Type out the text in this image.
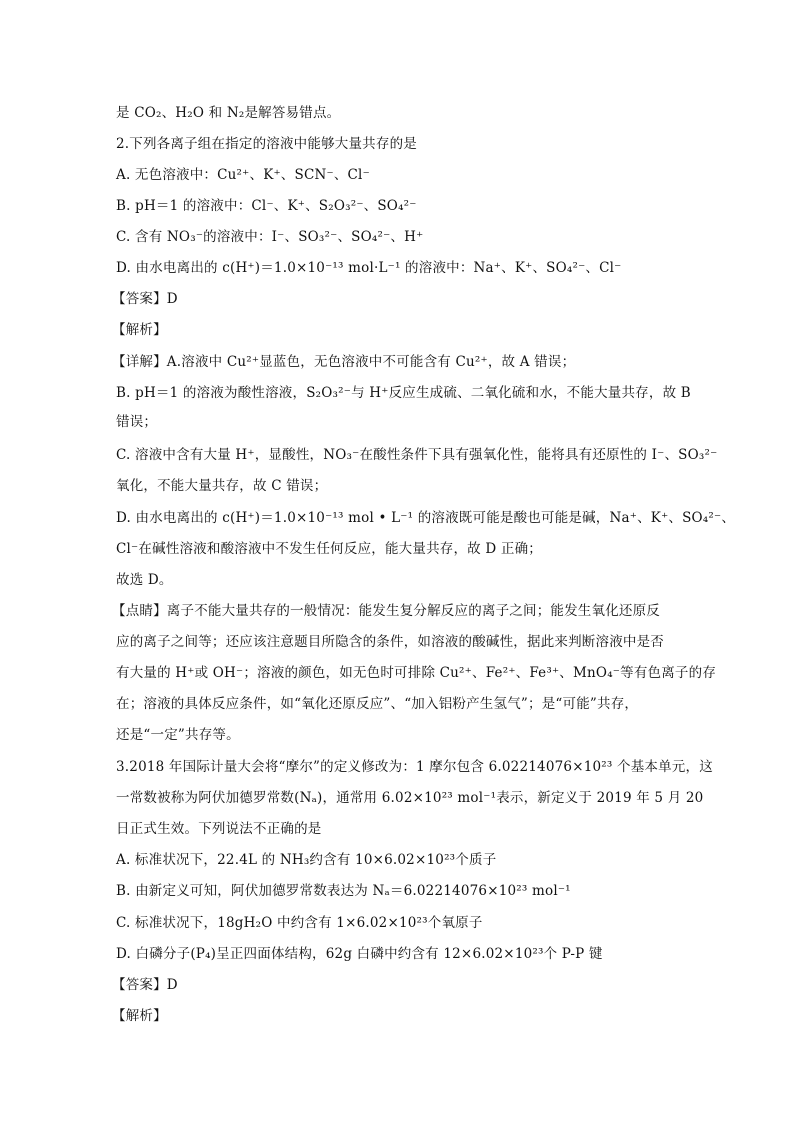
是 CO₂、H₂O 和 N₂是解答易错点。
2.下列各离子组在指定的溶液中能够大量共存的是
A. 无色溶液中：Cu²⁺、K⁺、SCN⁻、Cl⁻
B. pH＝1 的溶液中：Cl⁻、K⁺、S₂O₃²⁻、SO₄²⁻
C. 含有 NO₃⁻的溶液中：I⁻、SO₃²⁻、SO₄²⁻、H⁺
D. 由水电离出的 c(H⁺)＝1.0×10⁻¹³ mol·L⁻¹ 的溶液中：Na⁺、K⁺、SO₄²⁻、Cl⁻
【答案】D
【解析】
【详解】A.溶液中 Cu²⁺显蓝色，无色溶液中不可能含有 Cu²⁺，故 A 错误；
B. pH＝1 的溶液为酸性溶液，S₂O₃²⁻与 H⁺反应生成硫、二氧化硫和水，不能大量共存，故 B
错误；
C. 溶液中含有大量 H⁺，显酸性，NO₃⁻在酸性条件下具有强氧化性，能将具有还原性的 I⁻、SO₃²⁻
氧化，不能大量共存，故 C 错误；
D. 由水电离出的 c(H⁺)＝1.0×10⁻¹³ mol • L⁻¹ 的溶液既可能是酸也可能是碱，Na⁺、K⁺、SO₄²⁻、
Cl⁻在碱性溶液和酸溶液中不发生任何反应，能大量共存，故 D 正确；
故选 D。
【点睛】离子不能大量共存的一般情况：能发生复分解反应的离子之间；能发生氧化还原反
应的离子之间等；还应该注意题目所隐含的条件，如溶液的酸碱性，据此来判断溶液中是否
有大量的 H⁺或 OH⁻；溶液的颜色，如无色时可排除 Cu²⁺、Fe²⁺、Fe³⁺、MnO₄⁻等有色离子的存
在；溶液的具体反应条件，如“氧化还原反应”、“加入铝粉产生氢气”；是“可能”共存，
还是“一定”共存等。
3.2018 年国际计量大会将“摩尔”的定义修改为：1 摩尔包含 6.02214076×10²³ 个基本单元，这
一常数被称为阿伏加德罗常数(Nₐ)，通常用 6.02×10²³ mol⁻¹表示，新定义于 2019 年 5 月 20
日正式生效。下列说法不正确的是
A. 标准状况下，22.4L 的 NH₃约含有 10×6.02×10²³个质子
B. 由新定义可知，阿伏加德罗常数表达为 Nₐ＝6.02214076×10²³ mol⁻¹
C. 标准状况下，18gH₂O 中约含有 1×6.02×10²³个氧原子
D. 白磷分子(P₄)呈正四面体结构，62g 白磷中约含有 12×6.02×10²³个 P-P 键
【答案】D
【解析】
